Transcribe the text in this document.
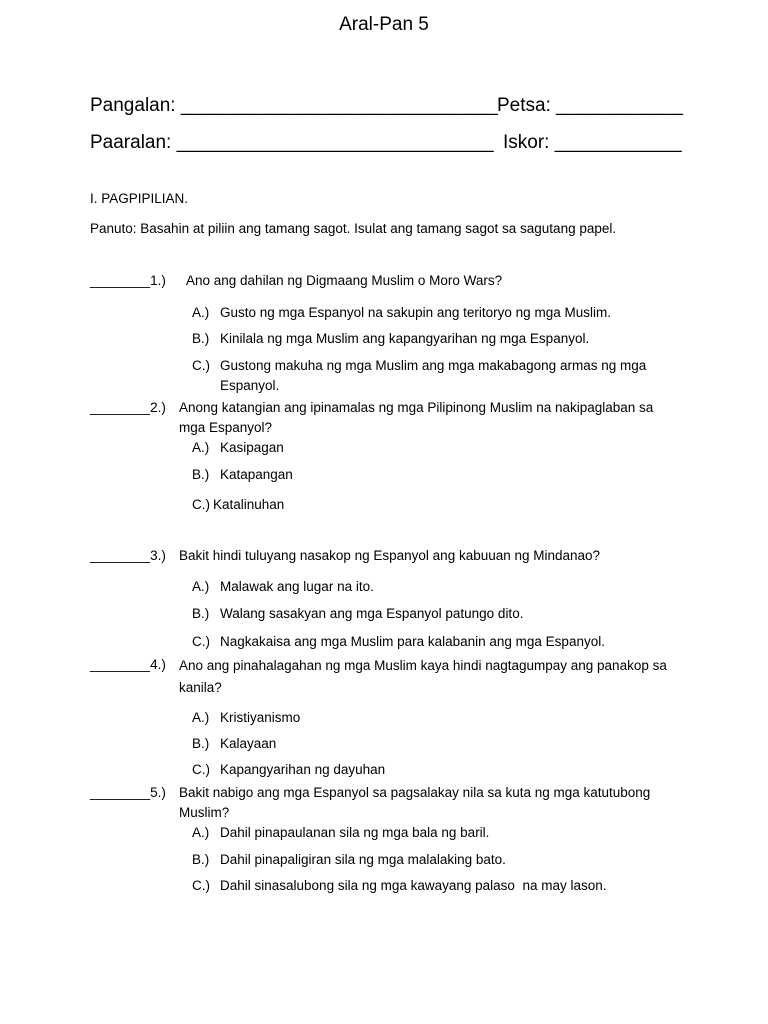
Aral-Pan 5
Pangalan: ______________________________ Petsa: ____________
Paaralan: ______________________________ Iskor: ____________
I. PAGPIPILIAN.
Panuto: Basahin at piliin ang tamang sagot. Isulat ang tamang sagot sa sagutang papel.
________1.) Ano ang dahilan ng Digmaang Muslim o Moro Wars?
A.) Gusto ng mga Espanyol na sakupin ang teritoryo ng mga Muslim.
B.) Kinilala ng mga Muslim ang kapangyarihan ng mga Espanyol.
C.) Gustong makuha ng mga Muslim ang mga makabagong armas ng mga Espanyol.
________2.) Anong katangian ang ipinamalas ng mga Pilipinong Muslim na nakipaglaban sa mga Espanyol?
A.) Kasipagan
B.) Katapangan
C.) Katalinuhan
________3.) Bakit hindi tuluyang nasakop ng Espanyol ang kabuuan ng Mindanao?
A.) Malawak ang lugar na ito.
B.) Walang sasakyan ang mga Espanyol patungo dito.
C.) Nagkakaisa ang mga Muslim para kalabanin ang mga Espanyol.
________4.) Ano ang pinahalagahan ng mga Muslim kaya hindi nagtagumpay ang panakop sa kanila?
A.) Kristiyanismo
B.) Kalayaan
C.) Kapangyarihan ng dayuhan
________5.) Bakit nabigo ang mga Espanyol sa pagsalakay nila sa kuta ng mga katutubong Muslim?
A.) Dahil pinapaulanan sila ng mga bala ng baril.
B.) Dahil pinapaligiran sila ng mga malalaking bato.
C.) Dahil sinasalubong sila ng mga kawayang palaso  na may lason.
